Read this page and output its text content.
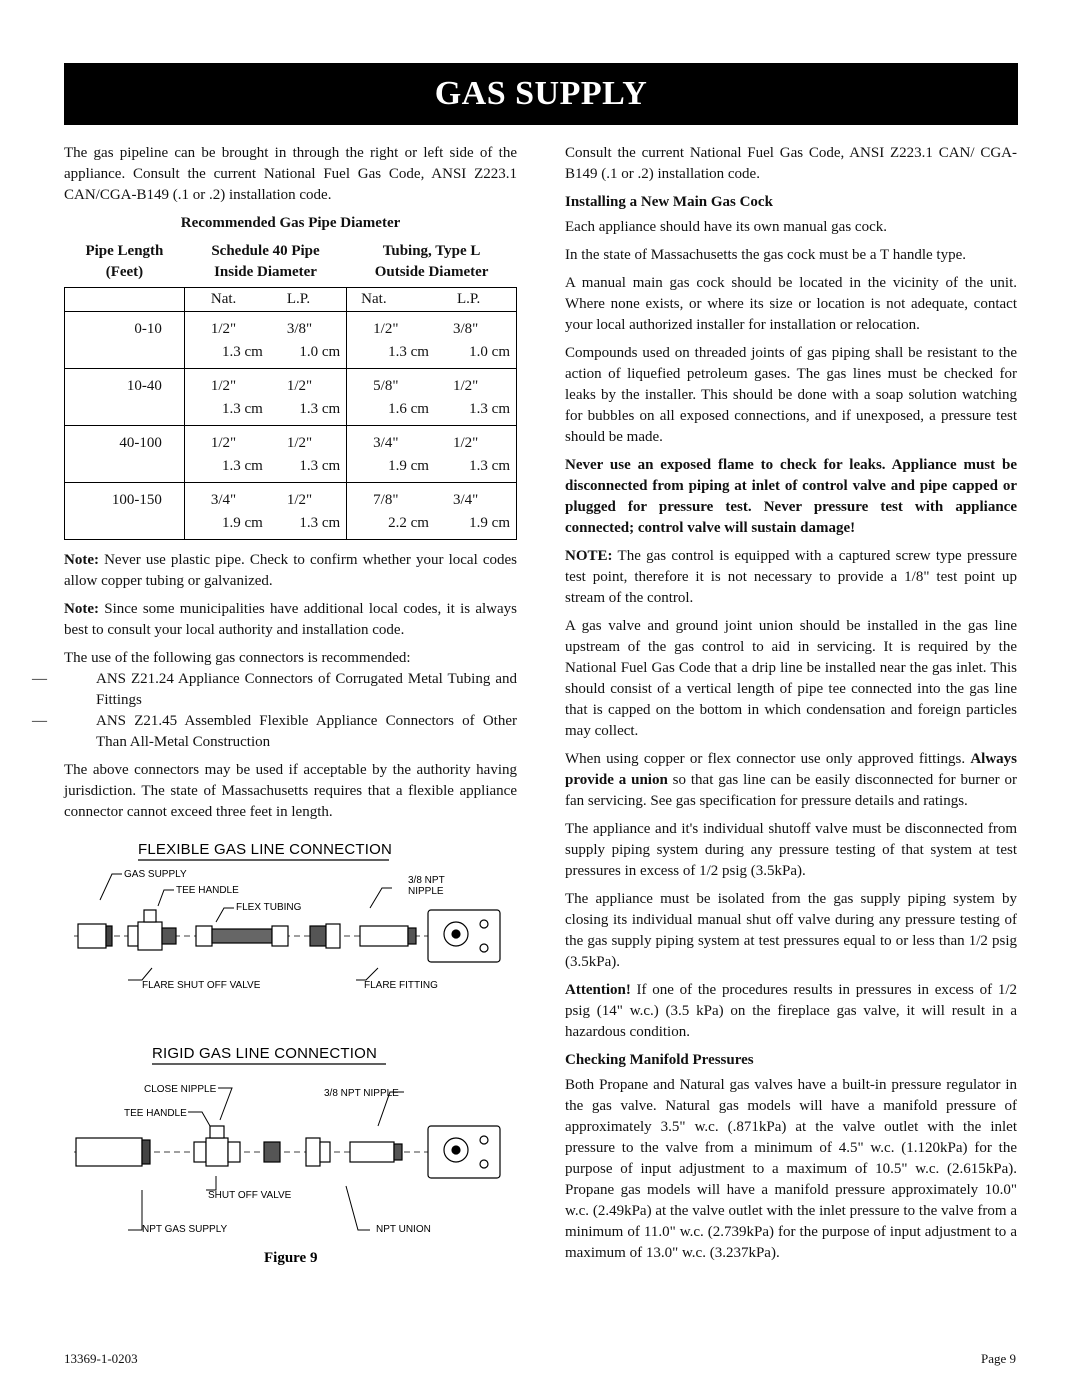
GAS SUPPLY

The gas pipeline can be brought in through the right or left side of the appliance. Consult the current National Fuel Gas Code, ANSI Z223.1 CAN/CGA-B149 (.1 or .2) installation code.

Recommended Gas Pipe Diameter
Pipe Length	Schedule 40 Pipe		Tubing, Type L	
(Feet)	Inside Diameter		Outside Diameter	

	Nat.	L.P.	Nat.	L.P.
0-10	1/2"	3/8"	1/2"	3/8"
	1.3 cm	1.0 cm	1.3 cm	1.0 cm
10-40	1/2"	1/2"	5/8"	1/2"
	1.3 cm	1.3 cm	1.6 cm	1.3 cm
40-100	1/2"	1/2"	3/4"	1/2"
	1.3 cm	1.3 cm	1.9 cm	1.3 cm
100-150	3/4"	1/2"	7/8"	3/4"
	1.9 cm	1.3 cm	2.2 cm	1.9 cm

Note: Never use plastic pipe. Check to confirm whether your local codes allow copper tubing or galvanized.

Note: Since some municipalities have additional local codes, it is always best to consult your local authority and installation code.

The use of the following gas connectors is recommended:

—	ANS Z21.24 Appliance Connectors of Corrugated Metal Tubing and Fittings

—	ANS Z21.45 Assembled Flexible Appliance Connectors of Other Than All-Metal Construction

The above connectors may be used if acceptable by the authority having jurisdiction. The state of Massachusetts requires that a flexible appliance connector cannot exceed three feet in length.

FLEXIBLE GAS LINE CONNECTION
GAS SUPPLY
TEE HANDLE
FLEX TUBING
3/8 NPT
NIPPLE
FLARE SHUT OFF VALVE	FLARE FITTING
RIGID GAS LINE CONNECTION
CLOSE NIPPLE	3/8 NPT NIPPLE
TEE HANDLE
SHUT OFF VALVE
NPT GAS SUPPLY	NPT UNION
Figure 9

Consult the current National Fuel Gas Code, ANSI Z223.1 CAN/ CGA-B149 (.1 or .2) installation code.

Installing a New Main Gas Cock

Each appliance should have its own manual gas cock.

In the state of Massachusetts the gas cock must be a T handle type.

A manual main gas cock should be located in the vicinity of the unit. Where none exists, or where its size or location is not adequate, contact your local authorized installer for installation or relocation.

Compounds used on threaded joints of gas piping shall be resistant to the action of liquefied petroleum gases. The gas lines must be checked for leaks by the installer. This should be done with a soap solution watching for bubbles on all exposed connections, and if unexposed, a pressure test should be made.

Never use an exposed flame to check for leaks. Appliance must be disconnected from piping at inlet of control valve and pipe capped or plugged for pressure test. Never pressure test with appliance connected; control valve will sustain damage!

NOTE: The gas control is equipped with a captured screw type pressure test point, therefore it is not necessary to provide a 1/8" test point up stream of the control.

A gas valve and ground joint union should be installed in the gas line upstream of the gas control to aid in servicing. It is required by the National Fuel Gas Code that a drip line be installed near the gas inlet. This should consist of a vertical length of pipe tee connected into the gas line that is capped on the bottom in which condensation and foreign particles may collect.

When using copper or flex connector use only approved fittings. Always provide a union so that gas line can be easily disconnected for burner or fan servicing. See gas specification for pressure details and ratings.

The appliance and it's individual shutoff valve must be disconnected from supply piping system during any pressure testing of that system at test pressures in excess of 1/2 psig (3.5kPa).

The appliance must be isolated from the gas supply piping system by closing its individual manual shut off valve during any pressure testing of the gas supply piping system at test pressures equal to or less than 1/2 psig (3.5kPa).

Attention! If one of the procedures results in pressures in excess of 1/2 psig (14" w.c.) (3.5 kPa) on the fireplace gas valve, it will result in a hazardous condition.

Checking Manifold Pressures

Both Propane and Natural gas valves have a built-in pressure regulator in the gas valve. Natural gas models will have a manifold pressure of approximately 3.5" w.c. (.871kPa) at the valve outlet with the inlet pressure to the valve from a minimum of 4.5" w.c. (1.120kPa) for the purpose of input adjustment to a maximum of 10.5" w.c. (2.615kPa). Propane gas models will have a manifold pressure approximately 10.0" w.c. (2.49kPa) at the valve outlet with the inlet pressure to the valve from a minimum of 11.0" w.c. (2.739kPa) for the purpose of input adjustment to a maximum of 13.0" w.c. (3.237kPa).

13369-1-0203	Page 9
